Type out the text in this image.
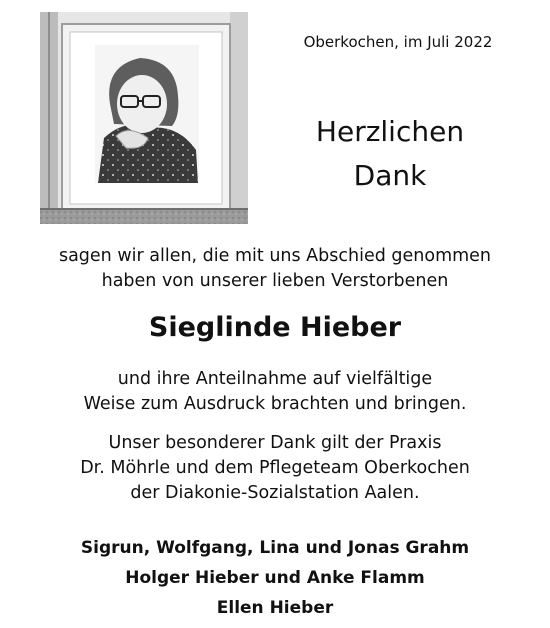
Oberkochen, im Juli 2022
Herzlichen
Dank
sagen wir allen, die mit uns Abschied genommen
haben von unserer lieben Verstorbenen
Sieglinde Hieber
und ihre Anteilnahme auf vielfältige
Weise zum Ausdruck brachten und bringen.
Unser besonderer Dank gilt der Praxis
Dr. Möhrle und dem Pflegeteam Oberkochen
der Diakonie-Sozialstation Aalen.
Sigrun, Wolfgang, Lina und Jonas Grahm
Holger Hieber und Anke Flamm
Ellen Hieber
